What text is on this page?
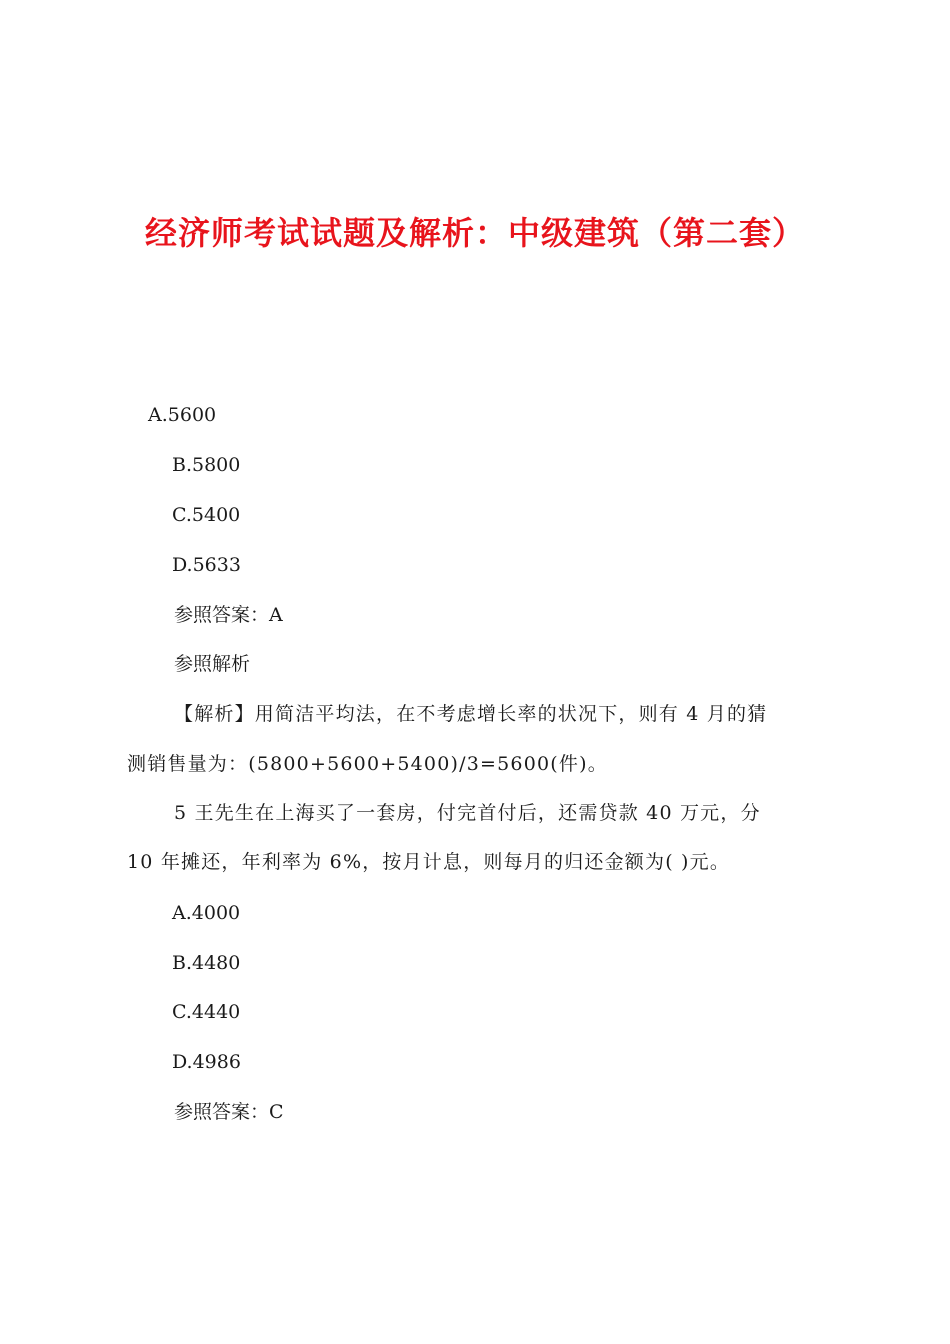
经济师考试试题及解析：中级建筑（第二套）

A.5600

B.5800

C.5400

D.5633

参照答案：A

参照解析

【解析】用简洁平均法，在不考虑增长率的状况下，则有 4 月的猜

测销售量为：(5800+5600+5400)/3=5600(件)。

5 王先生在上海买了一套房，付完首付后，还需贷款 40 万元，分

10 年摊还，年利率为 6%，按月计息，则每月的归还金额为( )元。

A.4000

B.4480

C.4440

D.4986

参照答案：C
